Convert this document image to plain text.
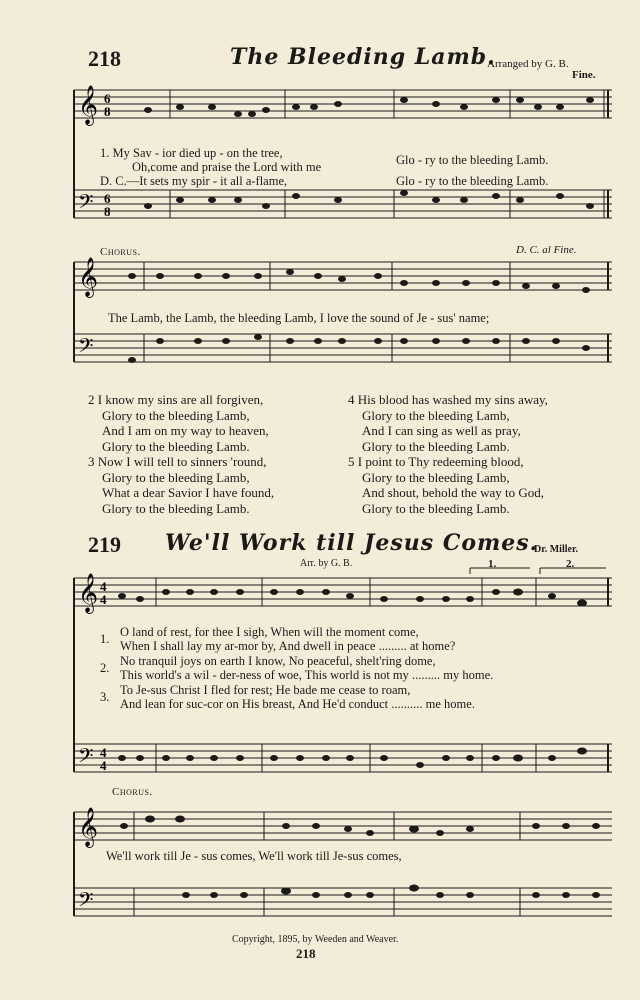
218	The Bleeding Lamb.
Arranged by G. B.
Fine.
𝄞 6
8
𝄢 6
8
𝄞
𝄢
1. My Sav - ior died up - on the tree,
Oh,come and praise the Lord with me	Glo - ry to the bleeding Lamb.
D. C.—It sets my spir - it all a-flame,	Glo - ry to the bleeding Lamb.
Chorus.	D. C. al Fine.
The Lamb, the Lamb, the bleeding Lamb, I love the sound of Je - sus' name;
2 I know my sins are all forgiven,
Glory to the bleeding Lamb,
And I am on my way to heaven,
Glory to the bleeding Lamb.
3 Now I will tell to sinners 'round,
Glory to the bleeding Lamb,
What a dear Savior I have found,
Glory to the bleeding Lamb.
4 His blood has washed my sins away,
Glory to the bleeding Lamb,
And I can sing as well as pray,
Glory to the bleeding Lamb.
5 I point to Thy redeeming blood,
Glory to the bleeding Lamb,
And shout, behold the way to God,
Glory to the bleeding Lamb.
219 We'll Work till Jesus Comes.
Dr. Miller.
Arr. by G. B.	1.	2.
𝄞 4
4
𝄢 4
4
𝄞
𝄢
1.
2.
3.
O land of rest, for thee I sigh, When will the moment come,
When I shall lay my ar-mor by, And dwell in peace ......... at home?
No tranquil joys on earth I know, No peaceful, shelt'ring dome,
This world's a wil - der-ness of woe, This world is not my ......... my home.
To Je-sus Christ I fled for rest; He bade me cease to roam,
And lean for suc-cor on His breast, And He'd conduct .......... me home.
Chorus.
We'll work till Je - sus comes, We'll work till Je-sus comes,
Copyright, 1895, by Weeden and Weaver.
218
